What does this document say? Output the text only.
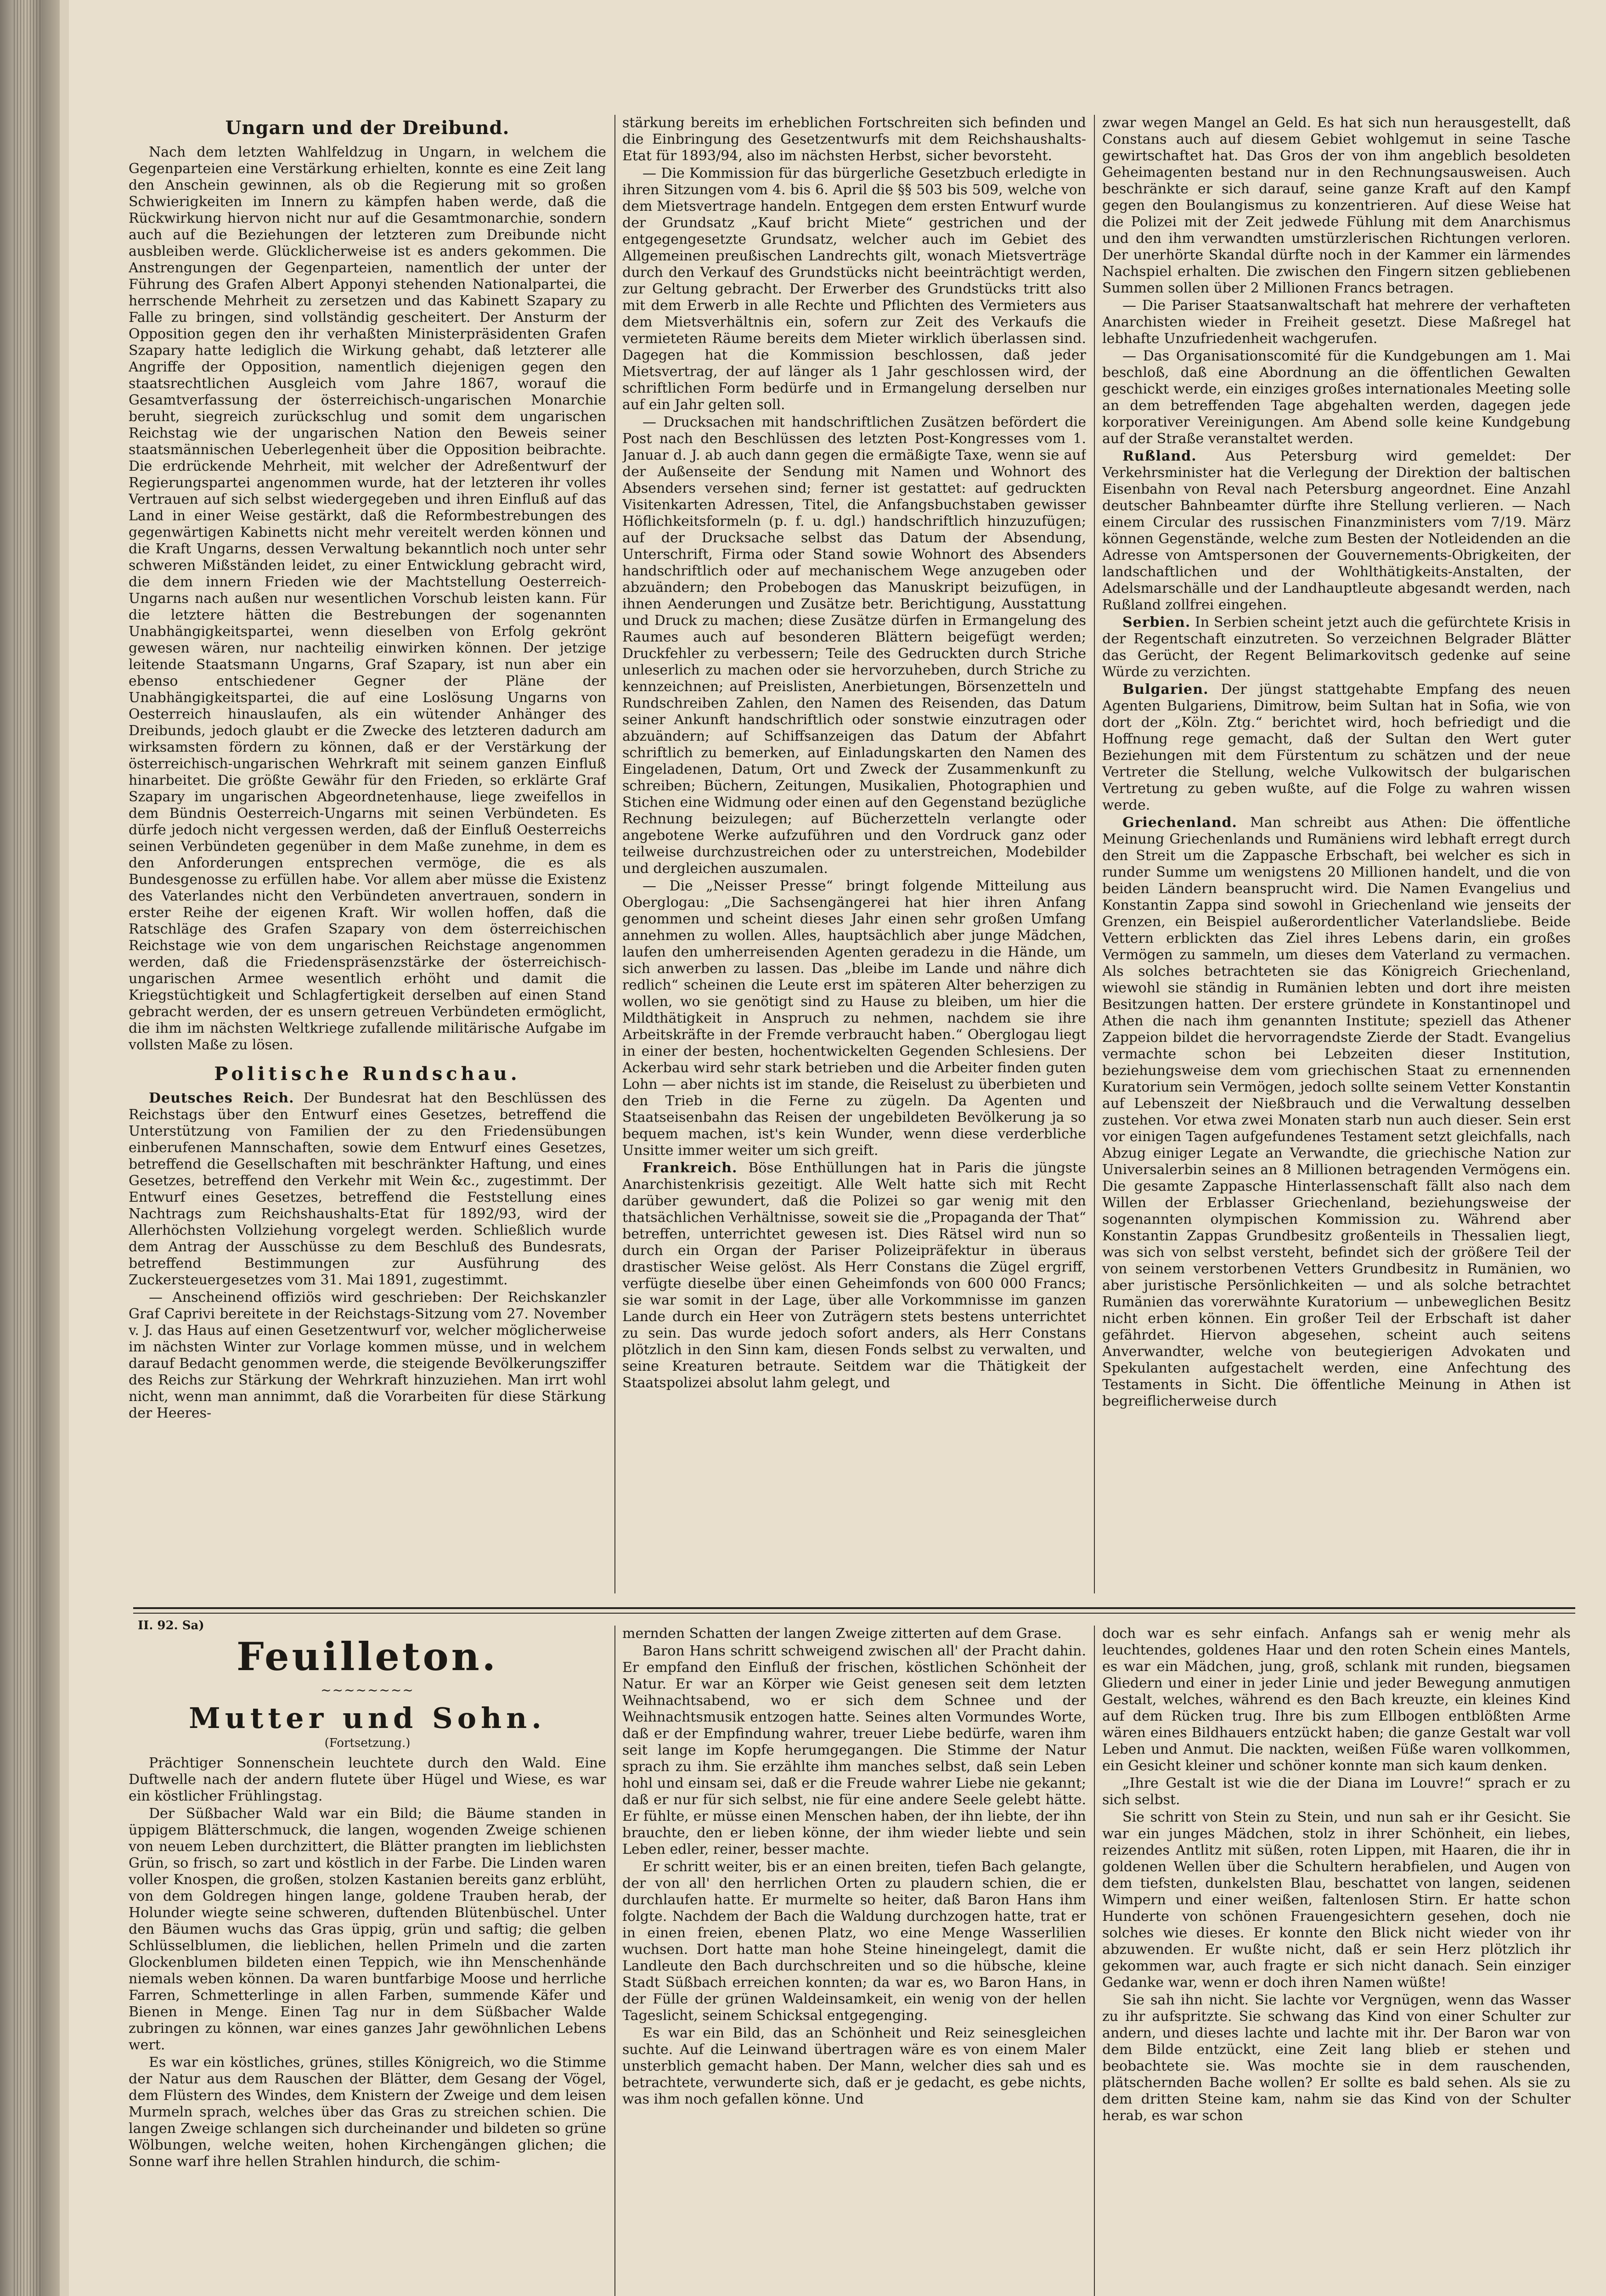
Ungarn und der Dreibund.

Nach dem letzten Wahlfeldzug in Ungarn, in welchem die Gegenparteien eine Verstärkung erhielten, konnte es eine Zeit lang den Anschein gewinnen, als ob die Regierung mit so großen Schwierigkeiten im Innern zu kämpfen haben werde, daß die Rückwirkung hiervon nicht nur auf die Gesamtmonarchie, sondern auch auf die Beziehungen der letzteren zum Dreibunde nicht ausbleiben werde. Glücklicherweise ist es anders gekommen. Die Anstrengungen der Gegenparteien, namentlich der unter der Führung des Grafen Albert Apponyi stehenden Nationalpartei, die herrschende Mehrheit zu zersetzen und das Kabinett Szapary zu Falle zu bringen, sind vollständig gescheitert. Der Ansturm der Opposition gegen den ihr verhaßten Ministerpräsidenten Grafen Szapary hatte lediglich die Wirkung gehabt, daß letzterer alle Angriffe der Opposition, namentlich diejenigen gegen den staatsrechtlichen Ausgleich vom Jahre 1867, worauf die Gesamtverfassung der österreichisch-ungarischen Monarchie beruht, siegreich zurückschlug und somit dem ungarischen Reichstag wie der ungarischen Nation den Beweis seiner staatsmännischen Ueberlegenheit über die Opposition beibrachte. Die erdrückende Mehrheit, mit welcher der Adreßentwurf der Regierungspartei angenommen wurde, hat der letzteren ihr volles Vertrauen auf sich selbst wiedergegeben und ihren Einfluß auf das Land in einer Weise gestärkt, daß die Reformbestrebungen des gegenwärtigen Kabinetts nicht mehr vereitelt werden können und die Kraft Ungarns, dessen Verwaltung bekanntlich noch unter sehr schweren Mißständen leidet, zu einer Entwicklung gebracht wird, die dem innern Frieden wie der Machtstellung Oesterreich-Ungarns nach außen nur wesentlichen Vorschub leisten kann. Für die letztere hätten die Bestrebungen der sogenannten Unabhängigkeitspartei, wenn dieselben von Erfolg gekrönt gewesen wären, nur nachteilig einwirken können. Der jetzige leitende Staatsmann Ungarns, Graf Szapary, ist nun aber ein ebenso entschiedener Gegner der Pläne der Unabhängigkeitspartei, die auf eine Loslösung Ungarns von Oesterreich hinauslaufen, als ein wütender Anhänger des Dreibunds, jedoch glaubt er die Zwecke des letzteren dadurch am wirksamsten fördern zu können, daß er der Verstärkung der österreichisch-ungarischen Wehrkraft mit seinem ganzen Einfluß hinarbeitet. Die größte Gewähr für den Frieden, so erklärte Graf Szapary im ungarischen Abgeordnetenhause, liege zweifellos in dem Bündnis Oesterreich-Ungarns mit seinen Verbündeten. Es dürfe jedoch nicht vergessen werden, daß der Einfluß Oesterreichs seinen Verbündeten gegenüber in dem Maße zunehme, in dem es den Anforderungen entsprechen vermöge, die es als Bundesgenosse zu erfüllen habe. Vor allem aber müsse die Existenz des Vaterlandes nicht den Verbündeten anvertrauen, sondern in erster Reihe der eigenen Kraft. Wir wollen hoffen, daß die Ratschläge des Grafen Szapary von dem österreichischen Reichstage wie von dem ungarischen Reichstage angenommen werden, daß die Friedenspräsenzstärke der österreichisch-ungarischen Armee wesentlich erhöht und damit die Kriegstüchtigkeit und Schlagfertigkeit derselben auf einen Stand gebracht werden, der es unsern getreuen Verbündeten ermöglicht, die ihm im nächsten Weltkriege zufallende militärische Aufgabe im vollsten Maße zu lösen.

Politische Rundschau.

Deutsches Reich. Der Bundesrat hat den Beschlüssen des Reichstags über den Entwurf eines Gesetzes, betreffend die Unterstützung von Familien der zu den Friedensübungen einberufenen Mannschaften, sowie dem Entwurf eines Gesetzes, betreffend die Gesellschaften mit beschränkter Haftung, und eines Gesetzes, betreffend den Verkehr mit Wein &c., zugestimmt. Der Entwurf eines Gesetzes, betreffend die Feststellung eines Nachtrags zum Reichshaushalts-Etat für 1892/93, wird der Allerhöchsten Vollziehung vorgelegt werden. Schließlich wurde dem Antrag der Ausschüsse zu dem Beschluß des Bundesrats, betreffend Bestimmungen zur Ausführung des Zuckersteuergesetzes vom 31. Mai 1891, zugestimmt.

— Anscheinend offiziös wird geschrieben: Der Reichskanzler Graf Caprivi bereitete in der Reichstags-Sitzung vom 27. November v. J. das Haus auf einen Gesetzentwurf vor, welcher möglicherweise im nächsten Winter zur Vorlage kommen müsse, und in welchem darauf Bedacht genommen werde, die steigende Bevölkerungsziffer des Reichs zur Stärkung der Wehrkraft hinzuziehen. Man irrt wohl nicht, wenn man annimmt, daß die Vorarbeiten für diese Stärkung der Heeres-

stärkung bereits im erheblichen Fortschreiten sich befinden und die Einbringung des Gesetzentwurfs mit dem Reichshaushalts-Etat für 1893/94, also im nächsten Herbst, sicher bevorsteht.

— Die Kommission für das bürgerliche Gesetzbuch erledigte in ihren Sitzungen vom 4. bis 6. April die §§ 503 bis 509, welche von dem Mietsvertrage handeln. Entgegen dem ersten Entwurf wurde der Grundsatz „Kauf bricht Miete“ gestrichen und der entgegengesetzte Grundsatz, welcher auch im Gebiet des Allgemeinen preußischen Landrechts gilt, wonach Mietsverträge durch den Verkauf des Grundstücks nicht beeinträchtigt werden, zur Geltung gebracht. Der Erwerber des Grundstücks tritt also mit dem Erwerb in alle Rechte und Pflichten des Vermieters aus dem Mietsverhältnis ein, sofern zur Zeit des Verkaufs die vermieteten Räume bereits dem Mieter wirklich überlassen sind. Dagegen hat die Kommission beschlossen, daß jeder Mietsvertrag, der auf länger als 1 Jahr geschlossen wird, der schriftlichen Form bedürfe und in Ermangelung derselben nur auf ein Jahr gelten soll.

— Drucksachen mit handschriftlichen Zusätzen befördert die Post nach den Beschlüssen des letzten Post-Kongresses vom 1. Januar d. J. ab auch dann gegen die ermäßigte Taxe, wenn sie auf der Außenseite der Sendung mit Namen und Wohnort des Absenders versehen sind; ferner ist gestattet: auf gedruckten Visitenkarten Adressen, Titel, die Anfangsbuchstaben gewisser Höflichkeitsformeln (p. f. u. dgl.) handschriftlich hinzuzufügen; auf der Drucksache selbst das Datum der Absendung, Unterschrift, Firma oder Stand sowie Wohnort des Absenders handschriftlich oder auf mechanischem Wege anzugeben oder abzuändern; den Probebogen das Manuskript beizufügen, in ihnen Aenderungen und Zusätze betr. Berichtigung, Ausstattung und Druck zu machen; diese Zusätze dürfen in Ermangelung des Raumes auch auf besonderen Blättern beigefügt werden; Druckfehler zu verbessern; Teile des Gedruckten durch Striche unleserlich zu machen oder sie hervorzuheben, durch Striche zu kennzeichnen; auf Preislisten, Anerbietungen, Börsenzetteln und Rundschreiben Zahlen, den Namen des Reisenden, das Datum seiner Ankunft handschriftlich oder sonstwie einzutragen oder abzuändern; auf Schiffsanzeigen das Datum der Abfahrt schriftlich zu bemerken, auf Einladungskarten den Namen des Eingeladenen, Datum, Ort und Zweck der Zusammenkunft zu schreiben; Büchern, Zeitungen, Musikalien, Photographien und Stichen eine Widmung oder einen auf den Gegenstand bezügliche Rechnung beizulegen; auf Bücherzetteln verlangte oder angebotene Werke aufzuführen und den Vordruck ganz oder teilweise durchzustreichen oder zu unterstreichen, Modebilder und dergleichen auszumalen.

— Die „Neisser Presse“ bringt folgende Mitteilung aus Oberglogau: „Die Sachsengängerei hat hier ihren Anfang genommen und scheint dieses Jahr einen sehr großen Umfang annehmen zu wollen. Alles, hauptsächlich aber junge Mädchen, laufen den umherreisenden Agenten geradezu in die Hände, um sich anwerben zu lassen. Das „bleibe im Lande und nähre dich redlich“ scheinen die Leute erst im späteren Alter beherzigen zu wollen, wo sie genötigt sind zu Hause zu bleiben, um hier die Mildthätigkeit in Anspruch zu nehmen, nachdem sie ihre Arbeitskräfte in der Fremde verbraucht haben.“ Oberglogau liegt in einer der besten, hochentwickelten Gegenden Schlesiens. Der Ackerbau wird sehr stark betrieben und die Arbeiter finden guten Lohn — aber nichts ist im stande, die Reiselust zu überbieten und den Trieb in die Ferne zu zügeln. Da Agenten und Staatseisenbahn das Reisen der ungebildeten Bevölkerung ja so bequem machen, ist's kein Wunder, wenn diese verderbliche Unsitte immer weiter um sich greift.

Frankreich. Böse Enthüllungen hat in Paris die jüngste Anarchistenkrisis gezeitigt. Alle Welt hatte sich mit Recht darüber gewundert, daß die Polizei so gar wenig mit den thatsächlichen Verhältnisse, soweit sie die „Propaganda der That“ betreffen, unterrichtet gewesen ist. Dies Rätsel wird nun so durch ein Organ der Pariser Polizeipräfektur in überaus drastischer Weise gelöst. Als Herr Constans die Zügel ergriff, verfügte dieselbe über einen Geheimfonds von 600 000 Francs; sie war somit in der Lage, über alle Vorkommnisse im ganzen Lande durch ein Heer von Zuträgern stets bestens unterrichtet zu sein. Das wurde jedoch sofort anders, als Herr Constans plötzlich in den Sinn kam, diesen Fonds selbst zu verwalten, und seine Kreaturen betraute. Seitdem war die Thätigkeit der Staatspolizei absolut lahm gelegt, und

zwar wegen Mangel an Geld. Es hat sich nun herausgestellt, daß Constans auch auf diesem Gebiet wohlgemut in seine Tasche gewirtschaftet hat. Das Gros der von ihm angeblich besoldeten Geheimagenten bestand nur in den Rechnungsausweisen. Auch beschränkte er sich darauf, seine ganze Kraft auf den Kampf gegen den Boulangismus zu konzentrieren. Auf diese Weise hat die Polizei mit der Zeit jedwede Fühlung mit dem Anarchismus und den ihm verwandten umstürzlerischen Richtungen verloren. Der unerhörte Skandal dürfte noch in der Kammer ein lärmendes Nachspiel erhalten. Die zwischen den Fingern sitzen gebliebenen Summen sollen über 2 Millionen Francs betragen.

— Die Pariser Staatsanwaltschaft hat mehrere der verhafteten Anarchisten wieder in Freiheit gesetzt. Diese Maßregel hat lebhafte Unzufriedenheit wachgerufen.

— Das Organisationscomité für die Kundgebungen am 1. Mai beschloß, daß eine Abordnung an die öffentlichen Gewalten geschickt werde, ein einziges großes internationales Meeting solle an dem betreffenden Tage abgehalten werden, dagegen jede korporativer Vereinigungen. Am Abend solle keine Kundgebung auf der Straße veranstaltet werden.

Rußland. Aus Petersburg wird gemeldet: Der Verkehrsminister hat die Verlegung der Direktion der baltischen Eisenbahn von Reval nach Petersburg angeordnet. Eine Anzahl deutscher Bahnbeamter dürfte ihre Stellung verlieren. — Nach einem Circular des russischen Finanzministers vom 7/19. März können Gegenstände, welche zum Besten der Notleidenden an die Adresse von Amtspersonen der Gouvernements-Obrigkeiten, der landschaftlichen und der Wohlthätigkeits-Anstalten, der Adelsmarschälle und der Landhauptleute abgesandt werden, nach Rußland zollfrei eingehen.

Serbien. In Serbien scheint jetzt auch die gefürchtete Krisis in der Regentschaft einzutreten. So verzeichnen Belgrader Blätter das Gerücht, der Regent Belimarkovitsch gedenke auf seine Würde zu verzichten.

Bulgarien. Der jüngst stattgehabte Empfang des neuen Agenten Bulgariens, Dimitrow, beim Sultan hat in Sofia, wie von dort der „Köln. Ztg.“ berichtet wird, hoch befriedigt und die Hoffnung rege gemacht, daß der Sultan den Wert guter Beziehungen mit dem Fürstentum zu schätzen und der neue Vertreter die Stellung, welche Vulkowitsch der bulgarischen Vertretung zu geben wußte, auf die Folge zu wahren wissen werde.

Griechenland. Man schreibt aus Athen: Die öffentliche Meinung Griechenlands und Rumäniens wird lebhaft erregt durch den Streit um die Zappasche Erbschaft, bei welcher es sich in runder Summe um wenigstens 20 Millionen handelt, und die von beiden Ländern beansprucht wird. Die Namen Evangelius und Konstantin Zappa sind sowohl in Griechenland wie jenseits der Grenzen, ein Beispiel außerordentlicher Vaterlandsliebe. Beide Vettern erblickten das Ziel ihres Lebens darin, ein großes Vermögen zu sammeln, um dieses dem Vaterland zu vermachen. Als solches betrachteten sie das Königreich Griechenland, wiewohl sie ständig in Rumänien lebten und dort ihre meisten Besitzungen hatten. Der erstere gründete in Konstantinopel und Athen die nach ihm genannten Institute; speziell das Athener Zappeion bildet die hervorragendste Zierde der Stadt. Evangelius vermachte schon bei Lebzeiten dieser Institution, beziehungsweise dem vom griechischen Staat zu ernennenden Kuratorium sein Vermögen, jedoch sollte seinem Vetter Konstantin auf Lebenszeit der Nießbrauch und die Verwaltung desselben zustehen. Vor etwa zwei Monaten starb nun auch dieser. Sein erst vor einigen Tagen aufgefundenes Testament setzt gleichfalls, nach Abzug einiger Legate an Verwandte, die griechische Nation zur Universalerbin seines an 8 Millionen betragenden Vermögens ein. Die gesamte Zappasche Hinterlassenschaft fällt also nach dem Willen der Erblasser Griechenland, beziehungsweise der sogenannten olympischen Kommission zu. Während aber Konstantin Zappas Grundbesitz großenteils in Thessalien liegt, was sich von selbst versteht, befindet sich der größere Teil der von seinem verstorbenen Vetters Grundbesitz in Rumänien, wo aber juristische Persönlichkeiten — und als solche betrachtet Rumänien das vorerwähnte Kuratorium — unbeweglichen Besitz nicht erben können. Ein großer Teil der Erbschaft ist daher gefährdet. Hiervon abgesehen, scheint auch seitens Anverwandter, welche von beutegierigen Advokaten und Spekulanten aufgestachelt werden, eine Anfechtung des Testaments in Sicht. Die öffentliche Meinung in Athen ist begreiflicherweise durch

II. 92. Sa)
Feuilleton.
~~~~~~~~
Mutter und Sohn.
(Fortsetzung.)

Prächtiger Sonnenschein leuchtete durch den Wald. Eine Duftwelle nach der andern flutete über Hügel und Wiese, es war ein köstlicher Frühlingstag.

Der Süßbacher Wald war ein Bild; die Bäume standen in üppigem Blätterschmuck, die langen, wogenden Zweige schienen von neuem Leben durchzittert, die Blätter prangten im lieblichsten Grün, so frisch, so zart und köstlich in der Farbe. Die Linden waren voller Knospen, die großen, stolzen Kastanien bereits ganz erblüht, von dem Goldregen hingen lange, goldene Trauben herab, der Holunder wiegte seine schweren, duftenden Blütenbüschel. Unter den Bäumen wuchs das Gras üppig, grün und saftig; die gelben Schlüsselblumen, die lieblichen, hellen Primeln und die zarten Glockenblumen bildeten einen Teppich, wie ihn Menschenhände niemals weben können. Da waren buntfarbige Moose und herrliche Farren, Schmetterlinge in allen Farben, summende Käfer und Bienen in Menge. Einen Tag nur in dem Süßbacher Walde zubringen zu können, war eines ganzes Jahr gewöhnlichen Lebens wert.

Es war ein köstliches, grünes, stilles Königreich, wo die Stimme der Natur aus dem Rauschen der Blätter, dem Gesang der Vögel, dem Flüstern des Windes, dem Knistern der Zweige und dem leisen Murmeln sprach, welches über das Gras zu streichen schien. Die langen Zweige schlangen sich durcheinander und bildeten so grüne Wölbungen, welche weiten, hohen Kirchengängen glichen; die Sonne warf ihre hellen Strahlen hindurch, die schim-

mernden Schatten der langen Zweige zitterten auf dem Grase.

Baron Hans schritt schweigend zwischen all' der Pracht dahin. Er empfand den Einfluß der frischen, köstlichen Schönheit der Natur. Er war an Körper wie Geist genesen seit dem letzten Weihnachtsabend, wo er sich dem Schnee und der Weihnachtsmusik entzogen hatte. Seines alten Vormundes Worte, daß er der Empfindung wahrer, treuer Liebe bedürfe, waren ihm seit lange im Kopfe herumgegangen. Die Stimme der Natur sprach zu ihm. Sie erzählte ihm manches selbst, daß sein Leben hohl und einsam sei, daß er die Freude wahrer Liebe nie gekannt; daß er nur für sich selbst, nie für eine andere Seele gelebt hätte. Er fühlte, er müsse einen Menschen haben, der ihn liebte, der ihn brauchte, den er lieben könne, der ihm wieder liebte und sein Leben edler, reiner, besser machte.

Er schritt weiter, bis er an einen breiten, tiefen Bach gelangte, der von all' den herrlichen Orten zu plaudern schien, die er durchlaufen hatte. Er murmelte so heiter, daß Baron Hans ihm folgte. Nachdem der Bach die Waldung durchzogen hatte, trat er in einen freien, ebenen Platz, wo eine Menge Wasserlilien wuchsen. Dort hatte man hohe Steine hineingelegt, damit die Landleute den Bach durchschreiten und so die hübsche, kleine Stadt Süßbach erreichen konnten; da war es, wo Baron Hans, in der Fülle der grünen Waldeinsamkeit, ein wenig von der hellen Tageslicht, seinem Schicksal entgegenging.

Es war ein Bild, das an Schönheit und Reiz seinesgleichen suchte. Auf die Leinwand übertragen wäre es von einem Maler unsterblich gemacht haben. Der Mann, welcher dies sah und es betrachtete, verwunderte sich, daß er je gedacht, es gebe nichts, was ihm noch gefallen könne. Und

doch war es sehr einfach. Anfangs sah er wenig mehr als leuchtendes, goldenes Haar und den roten Schein eines Mantels, es war ein Mädchen, jung, groß, schlank mit runden, biegsamen Gliedern und einer in jeder Linie und jeder Bewegung anmutigen Gestalt, welches, während es den Bach kreuzte, ein kleines Kind auf dem Rücken trug. Ihre bis zum Ellbogen entblößten Arme wären eines Bildhauers entzückt haben; die ganze Gestalt war voll Leben und Anmut. Die nackten, weißen Füße waren vollkommen, ein Gesicht kleiner und schöner konnte man sich kaum denken.

„Ihre Gestalt ist wie die der Diana im Louvre!“ sprach er zu sich selbst.

Sie schritt von Stein zu Stein, und nun sah er ihr Gesicht. Sie war ein junges Mädchen, stolz in ihrer Schönheit, ein liebes, reizendes Antlitz mit süßen, roten Lippen, mit Haaren, die ihr in goldenen Wellen über die Schultern herabfielen, und Augen von dem tiefsten, dunkelsten Blau, beschattet von langen, seidenen Wimpern und einer weißen, faltenlosen Stirn. Er hatte schon Hunderte von schönen Frauengesichtern gesehen, doch nie solches wie dieses. Er konnte den Blick nicht wieder von ihr abzuwenden. Er wußte nicht, daß er sein Herz plötzlich ihr gekommen war, auch fragte er sich nicht danach. Sein einziger Gedanke war, wenn er doch ihren Namen wüßte!

Sie sah ihn nicht. Sie lachte vor Vergnügen, wenn das Wasser zu ihr aufspritzte. Sie schwang das Kind von einer Schulter zur andern, und dieses lachte und lachte mit ihr. Der Baron war von dem Bilde entzückt, eine Zeit lang blieb er stehen und beobachtete sie. Was mochte sie in dem rauschenden, plätschernden Bache wollen? Er sollte es bald sehen. Als sie zu dem dritten Steine kam, nahm sie das Kind von der Schulter herab, es war schon
